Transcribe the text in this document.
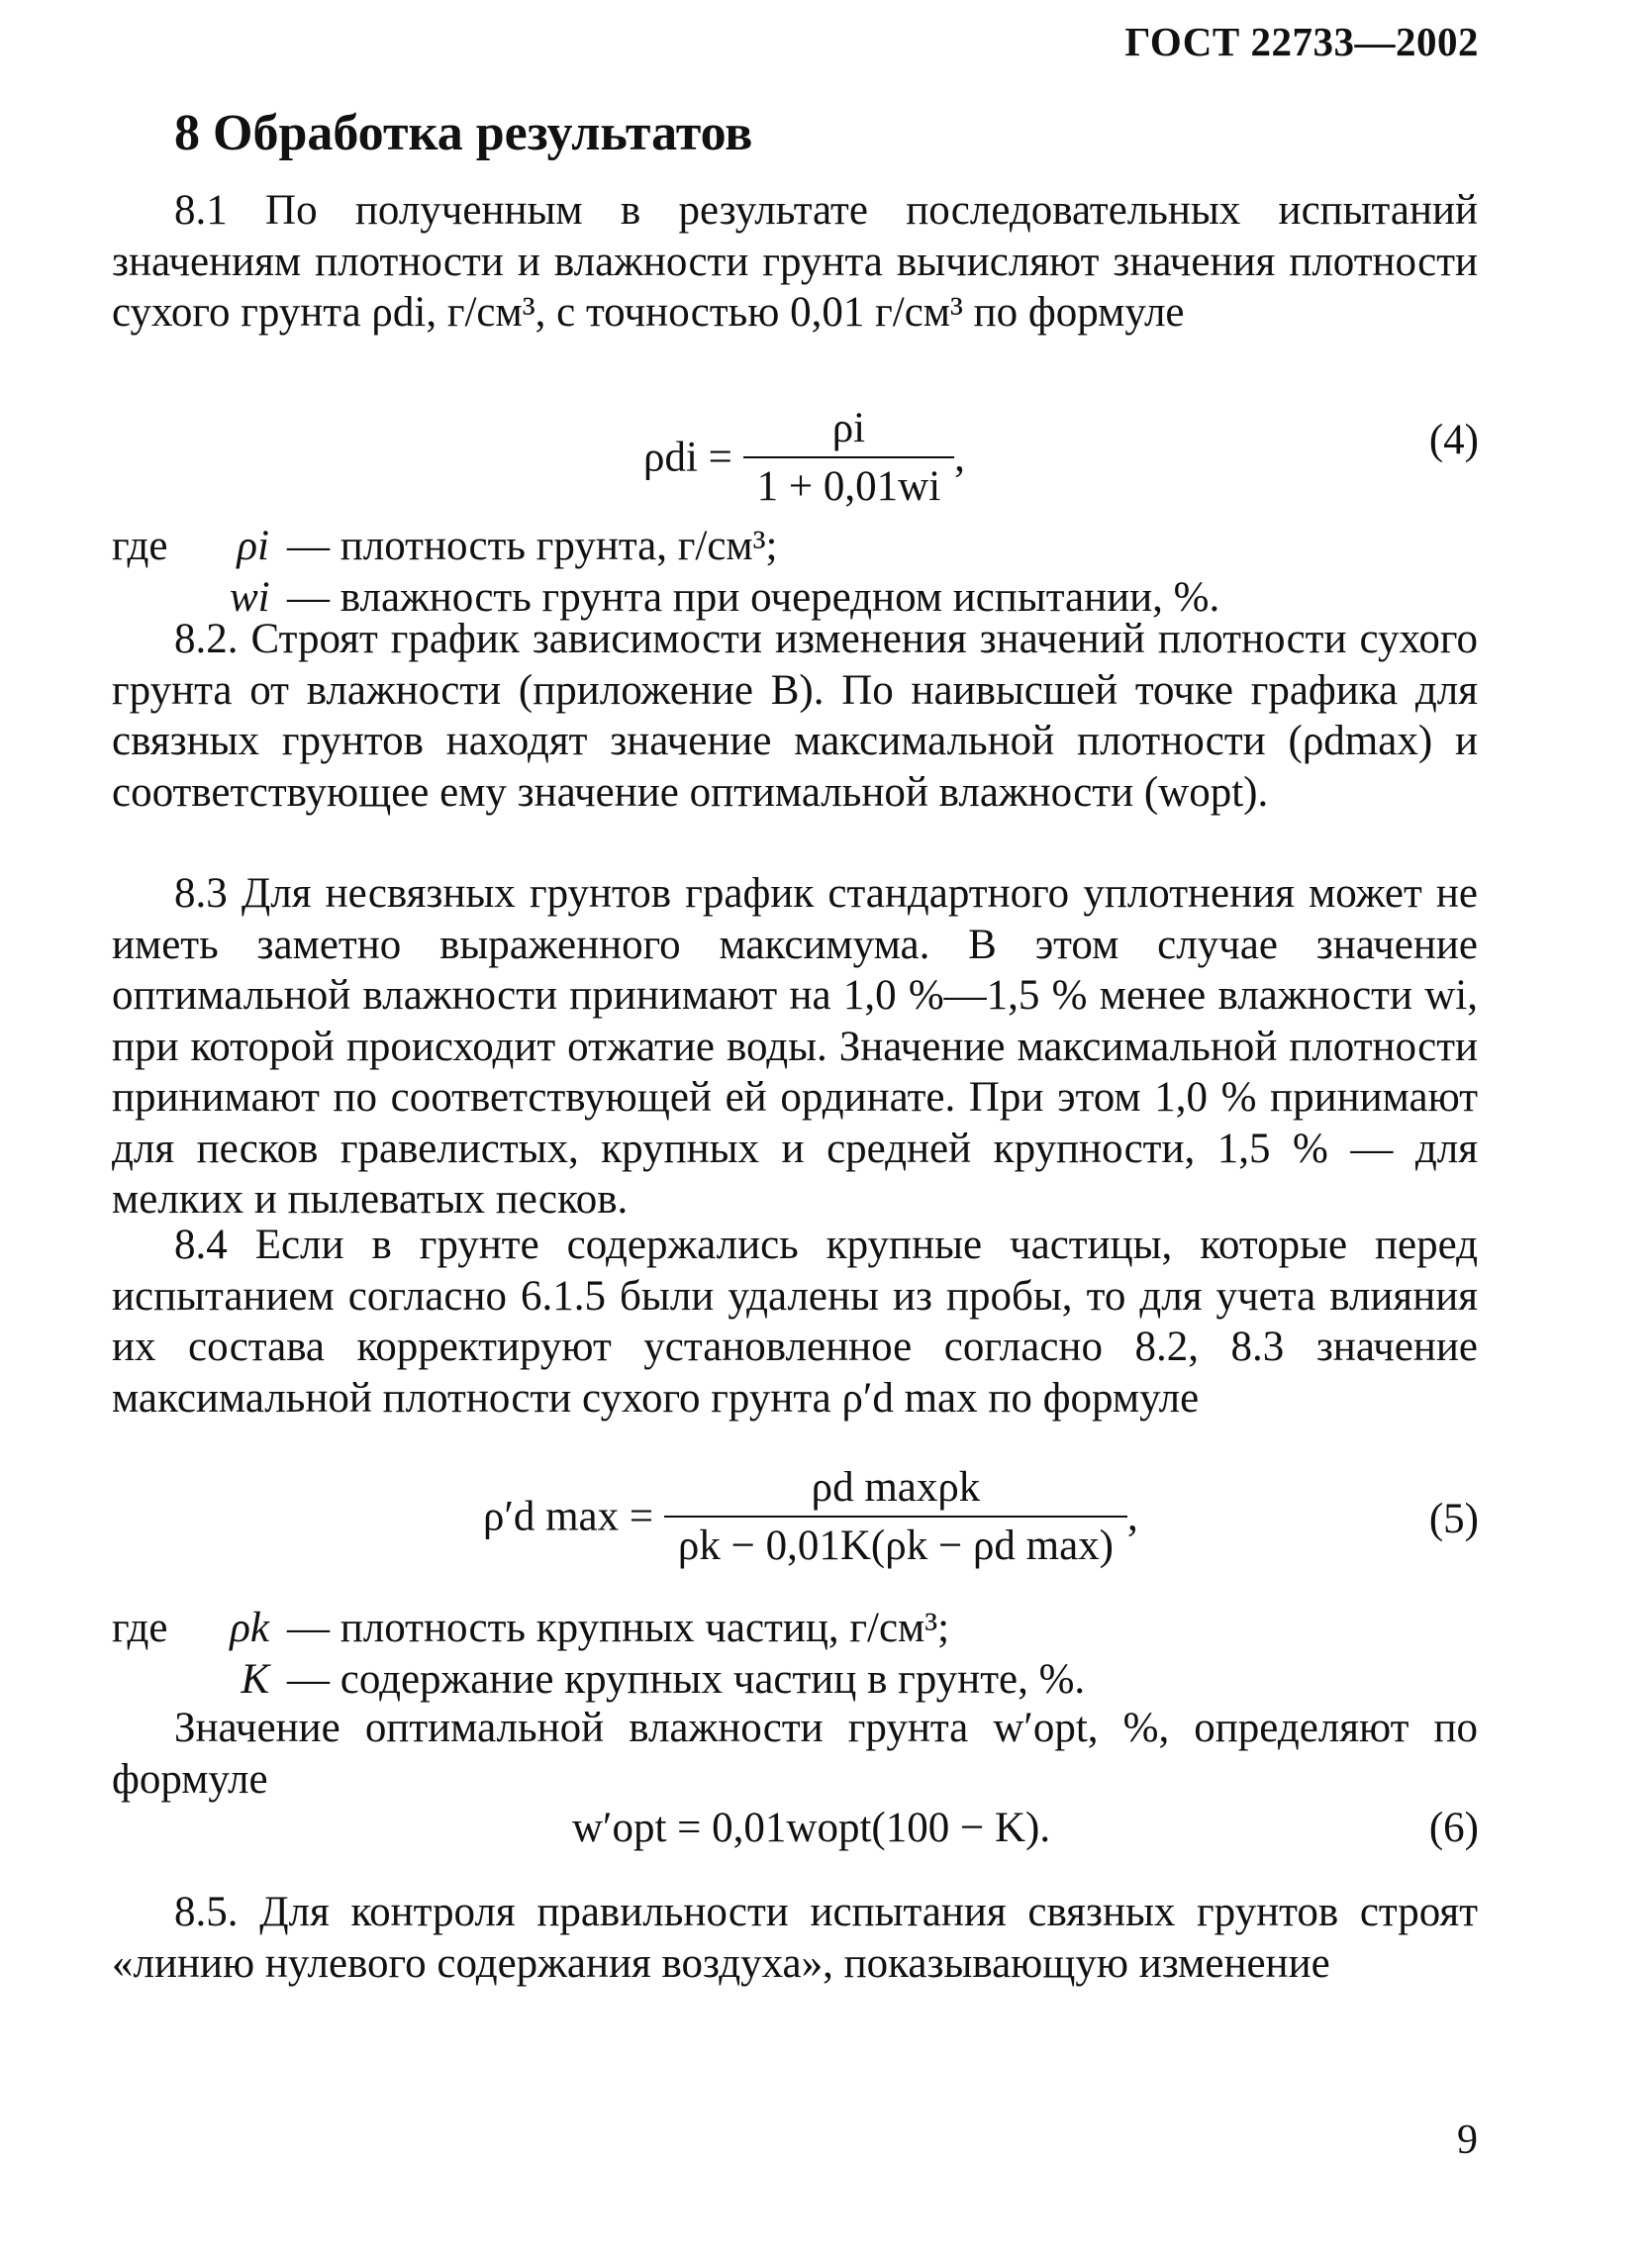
ГОСТ 22733—2002
8 Обработка результатов
8.1 По полученным в результате последовательных испытаний значениям плотности и влажности грунта вычисляют значения плотности сухого грунта ρdi, г/см³, с точностью 0,01 г/см³ по формуле
$\rho di = \frac{\rho i}{1 + 0,01wi}$ ,	(4)
где ρi — плотность грунта, г/см³;
wi — влажность грунта при очередном испытании, %.
8.2. Строят график зависимости изменения значений плотности сухого грунта от влажности (приложение В). По наивысшей точке графика для связных грунтов находят значение максимальной плотности (ρdmax) и соответствующее ему значение оптимальной влажности (wopt).
8.3 Для несвязных грунтов график стандартного уплотнения может не иметь заметно выраженного максимума. В этом случае значение оптимальной влажности принимают на 1,0 %—1,5 % менее влажности wi, при которой происходит отжатие воды. Значение максимальной плотности принимают по соответствующей ей ординате. При этом 1,0 % принимают для песков гравелистых, крупных и средней крупности, 1,5 % — для мелких и пылеватых песков.
8.4 Если в грунте содержались крупные частицы, которые перед испытанием согласно 6.1.5 были удалены из пробы, то для учета влияния их состава корректируют установленное согласно 8.2, 8.3 значение максимальной плотности сухого грунта ρ′d max по формуле
ρ′d $\max = \frac{\text{ρd maxρk}}{\text{ρk − 0,01K(ρk − ρd max)}}$ ,	(5)
где ρk — плотность крупных частиц, г/см³;
K — содержание крупных частиц в грунте, %.
Значение оптимальной влажности грунта w′opt, %, определяют по формуле
w′opt = 0,01wopt(100 − K).	(6)
8.5. Для контроля правильности испытания связных грунтов строят «линию нулевого содержания воздуха», показывающую изменение
9
